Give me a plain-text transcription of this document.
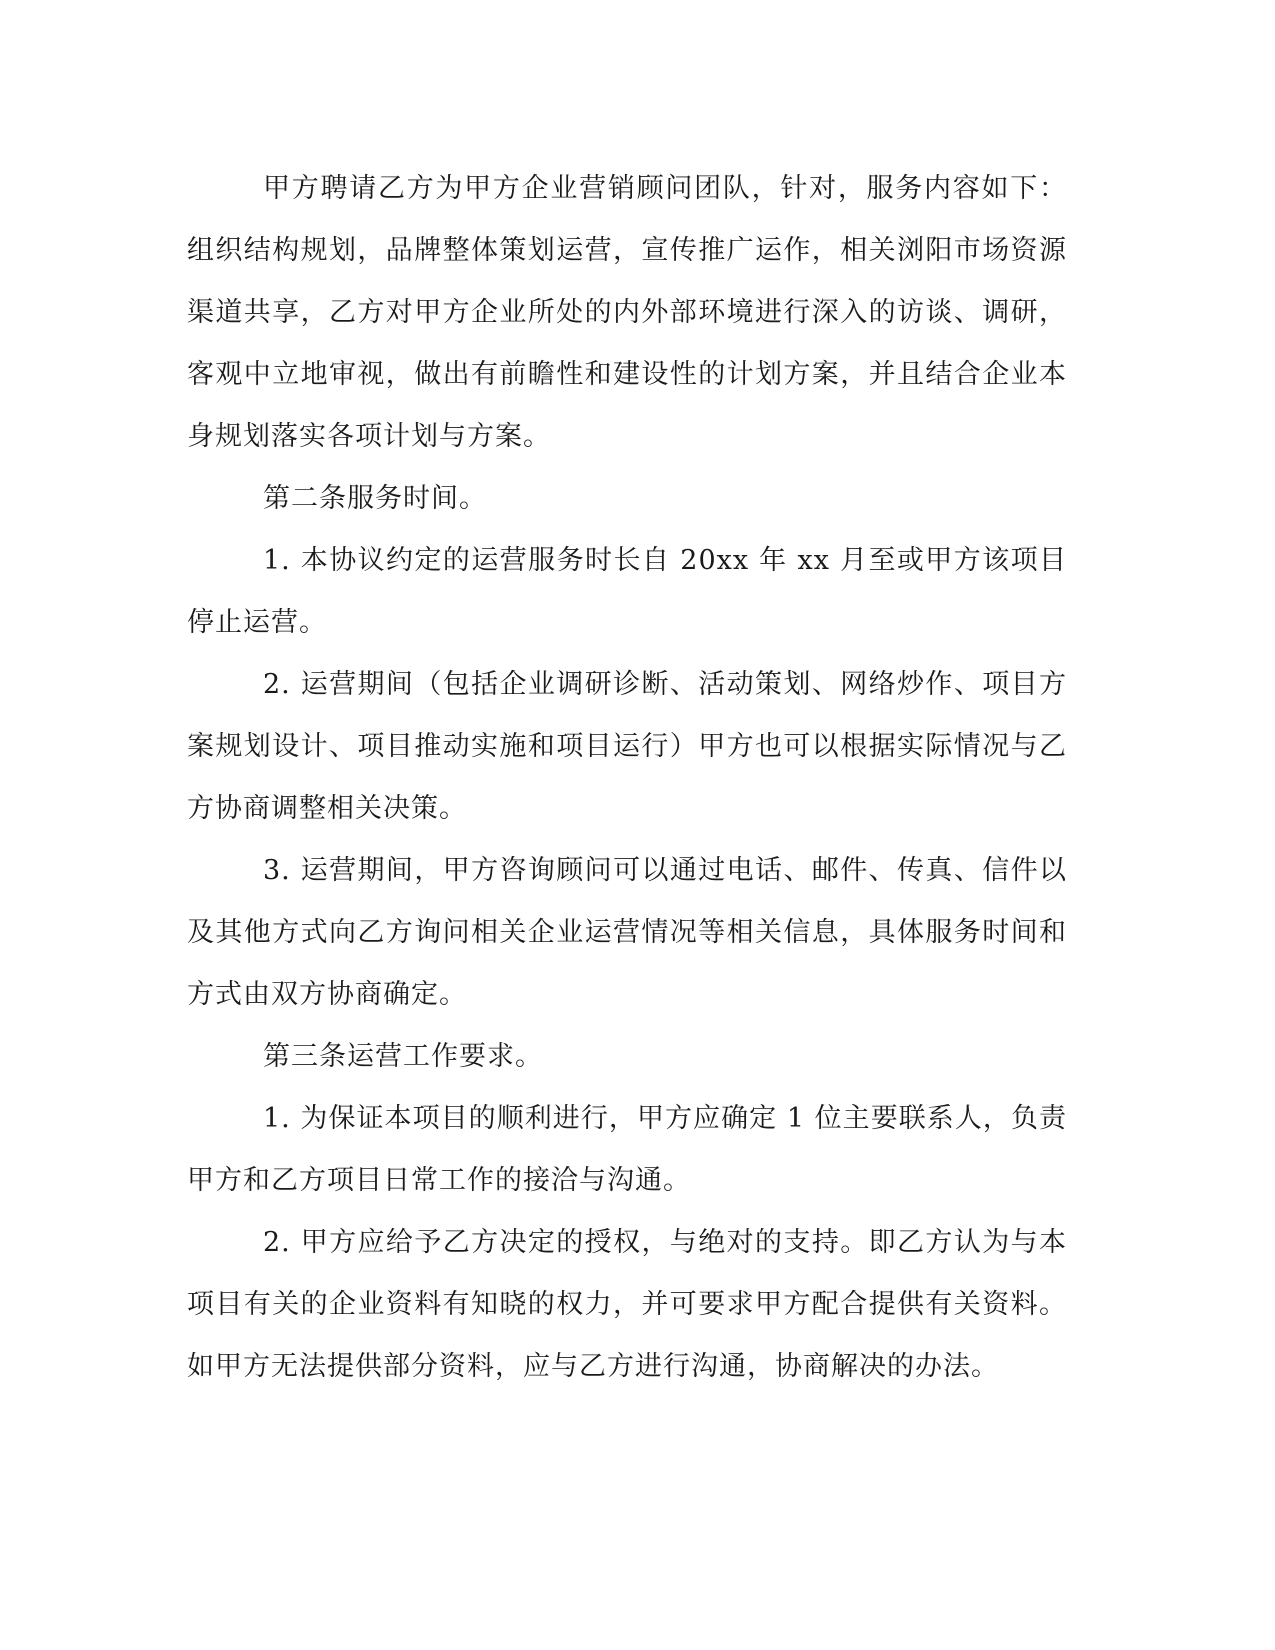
甲方聘请乙方为甲方企业营销顾问团队，针对，服务内容如下：组织结构规划，品牌整体策划运营，宣传推广运作，相关浏阳市场资源渠道共享，乙方对甲方企业所处的内外部环境进行深入的访谈、调研，客观中立地审视，做出有前瞻性和建设性的计划方案，并且结合企业本身规划落实各项计划与方案。

第二条服务时间。

1. 本协议约定的运营服务时长自 20xx 年 xx 月至或甲方该项目停止运营。

2. 运营期间（包括企业调研诊断、活动策划、网络炒作、项目方案规划设计、项目推动实施和项目运行）甲方也可以根据实际情况与乙方协商调整相关决策。

3. 运营期间，甲方咨询顾问可以通过电话、邮件、传真、信件以及其他方式向乙方询问相关企业运营情况等相关信息，具体服务时间和方式由双方协商确定。

第三条运营工作要求。

1. 为保证本项目的顺利进行，甲方应确定 1 位主要联系人，负责甲方和乙方项目日常工作的接洽与沟通。

2. 甲方应给予乙方决定的授权，与绝对的支持。即乙方认为与本项目有关的企业资料有知晓的权力，并可要求甲方配合提供有关资料。如甲方无法提供部分资料，应与乙方进行沟通，协商解决的办法。
